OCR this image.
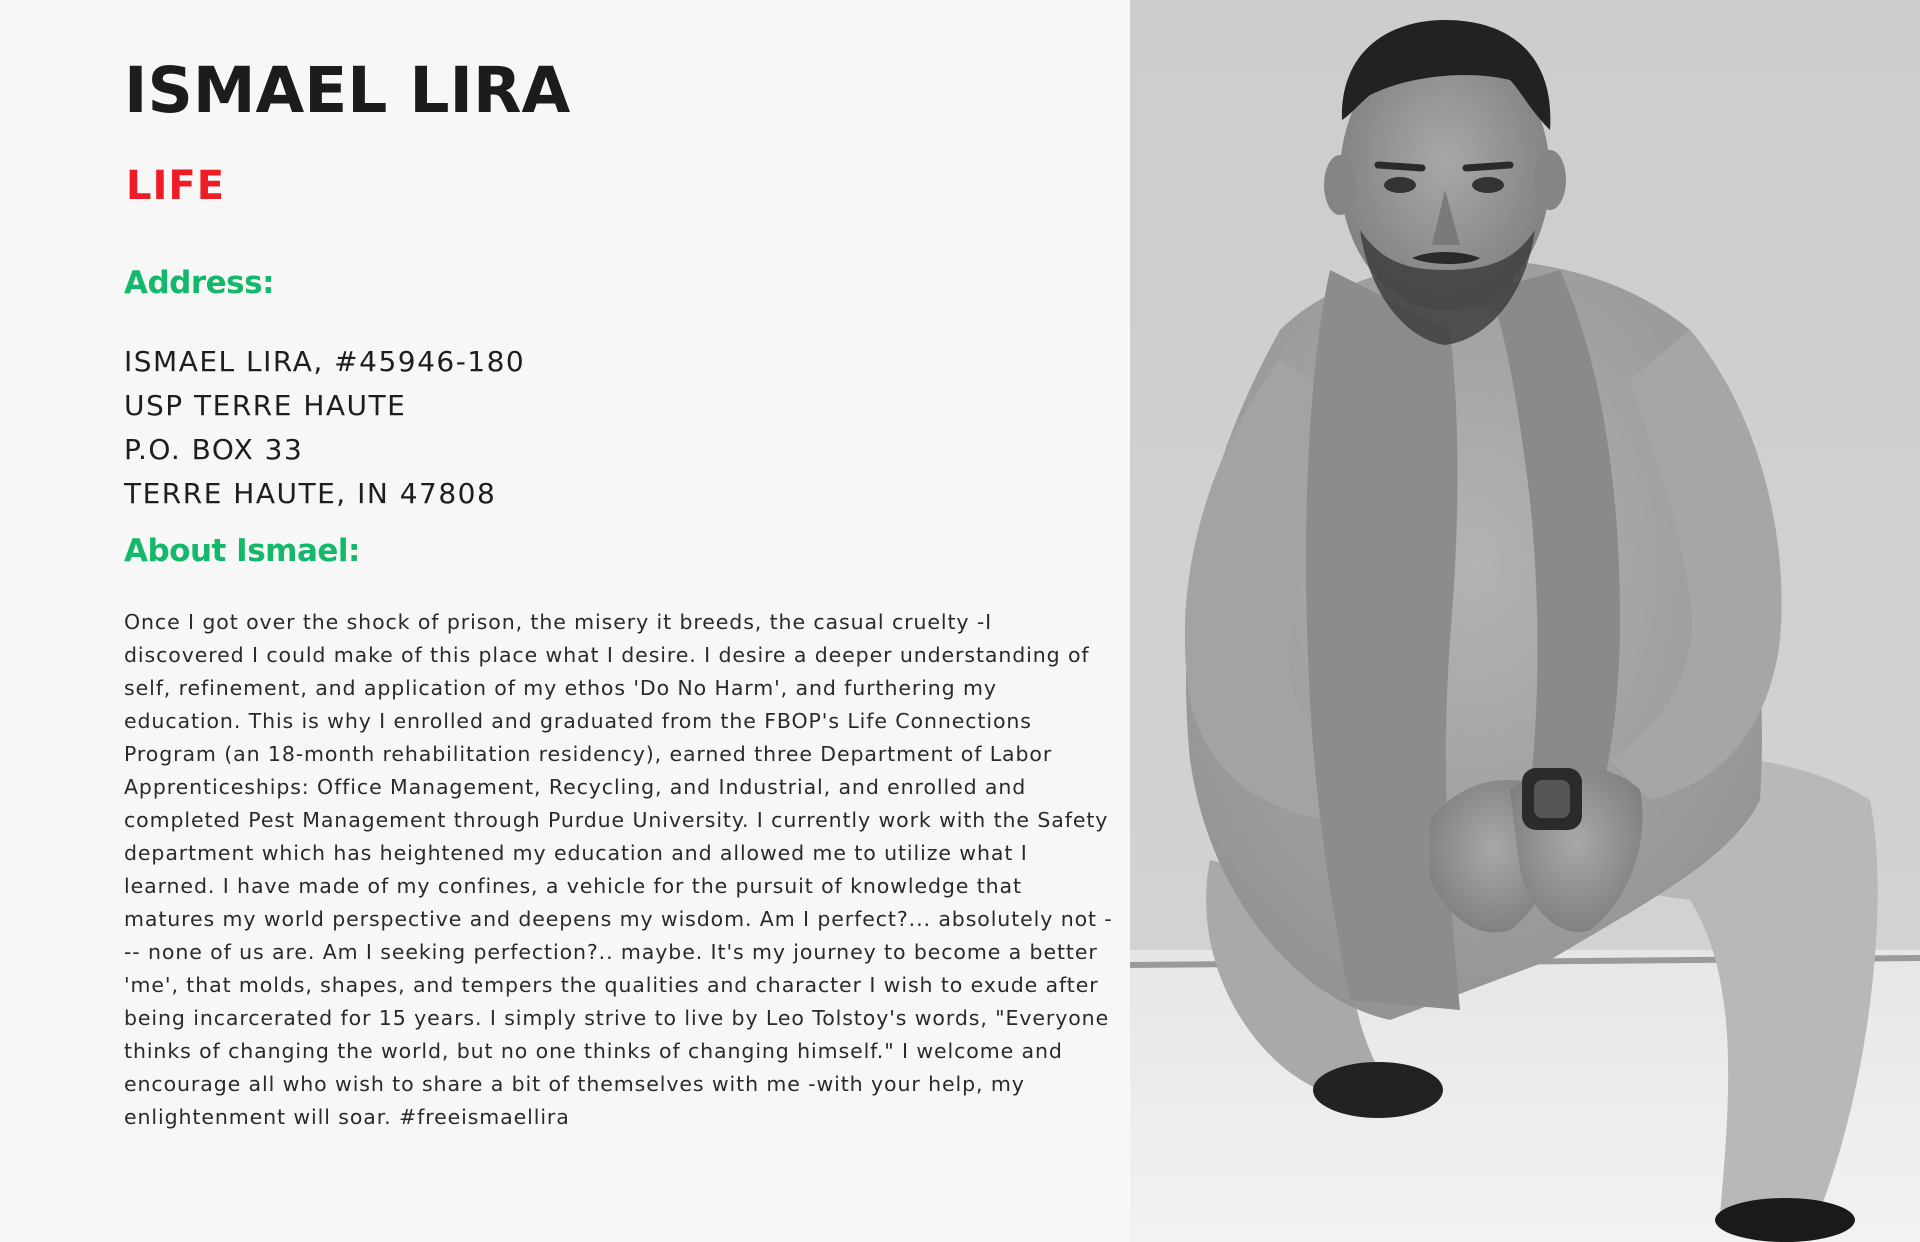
ISMAEL LIRA
LIFE
Address:
ISMAEL LIRA, #45946-180
USP TERRE HAUTE
P.O. BOX 33
TERRE HAUTE, IN 47808
About Ismael:

Once I got over the shock of prison, the misery it breeds, the casual cruelty -I discovered I could make of this place what I desire. I desire a deeper understanding of self, refinement, and application of my ethos 'Do No Harm', and furthering my education. This is why I enrolled and graduated from the FBOP's Life Connections Program (an 18-month rehabilitation residency), earned three Department of Labor Apprenticeships: Office Management, Recycling, and Industrial, and enrolled and completed Pest Management through Purdue University. I currently work with the Safety department which has heightened my education and allowed me to utilize what I learned. I have made of my confines, a vehicle for the pursuit of knowledge that matures my world perspective and deepens my wisdom. Am I perfect?... absolutely not --- none of us are. Am I seeking perfection?.. maybe. It's my journey to become a better 'me', that molds, shapes, and tempers the qualities and character I wish to exude after being incarcerated for 15 years. I simply strive to live by Leo Tolstoy's words, "Everyone thinks of changing the world, but no one thinks of changing himself." I welcome and encourage all who wish to share a bit of themselves with me -with your help, my enlightenment will soar. #freeismaellira
